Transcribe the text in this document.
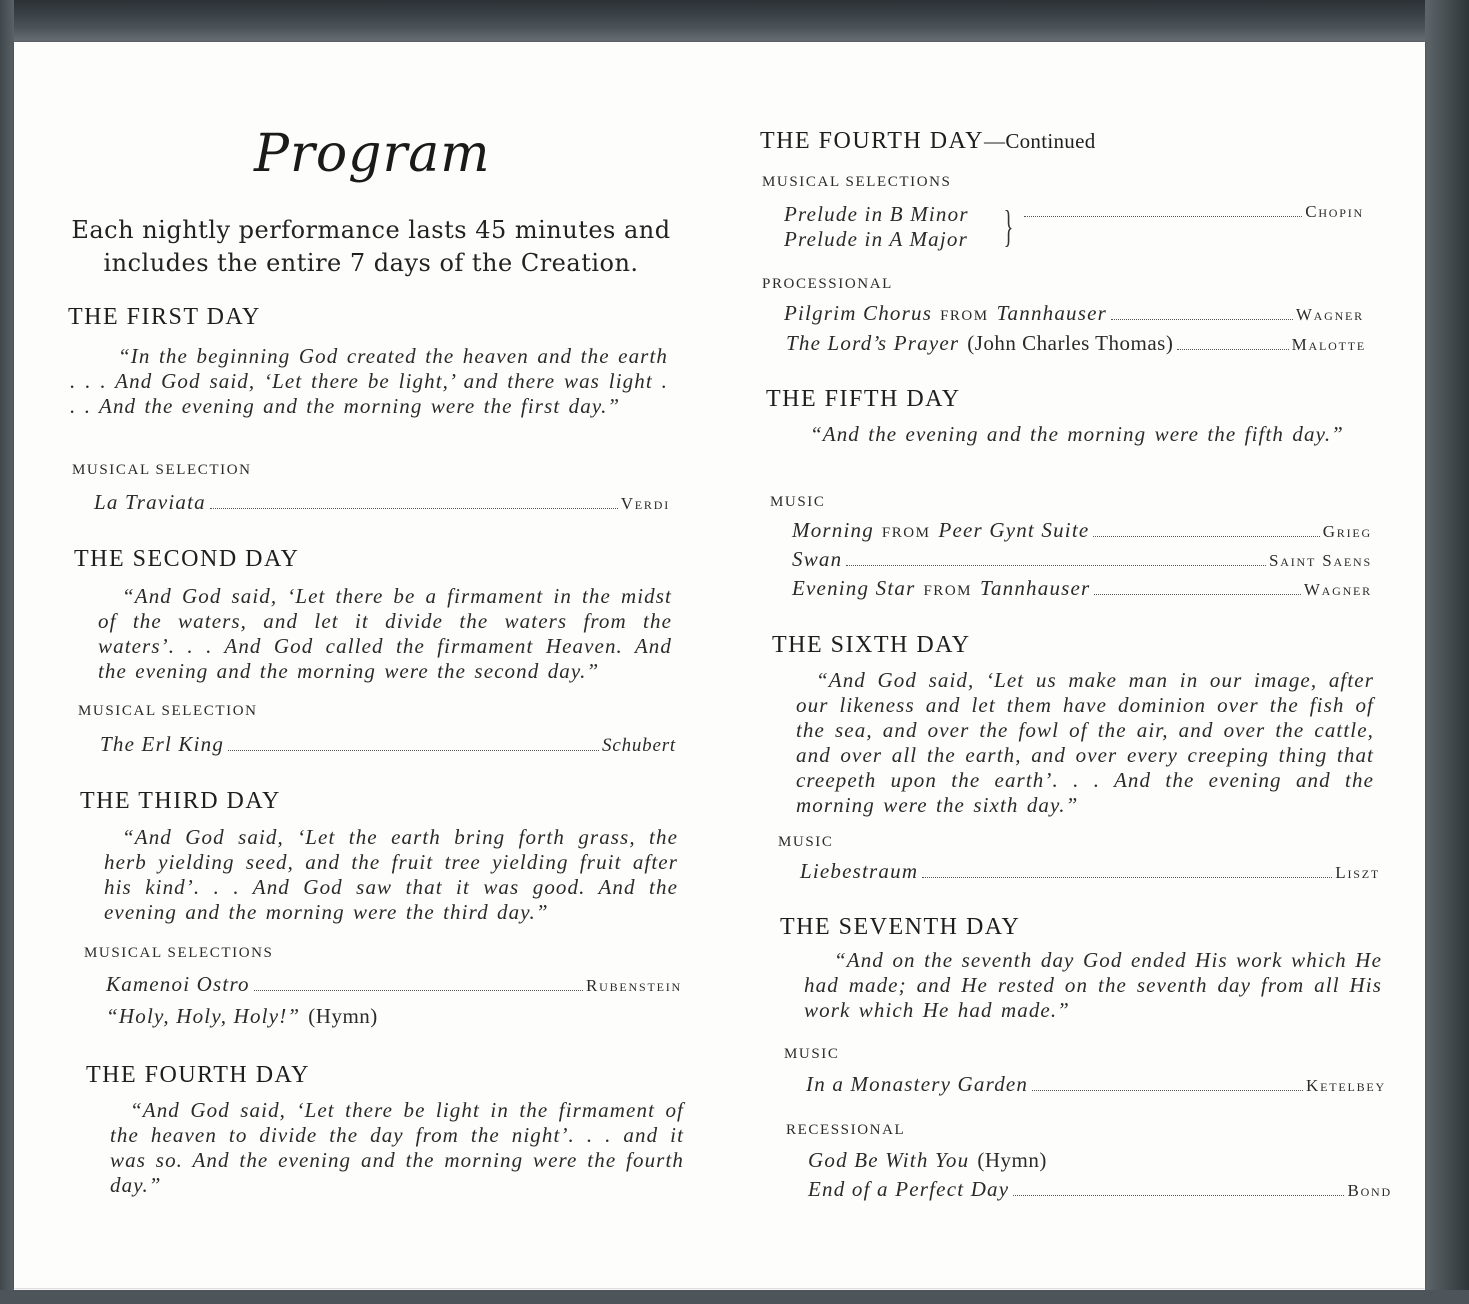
Program

Each nightly performance lasts 45 minutes and includes the entire 7 days of the Creation.

THE FIRST DAY

“In the beginning God created the heaven and the earth . . . And God said, ‘Let there be light,’ and there was light . . . And the evening and the morning were the first day.”

MUSICAL SELECTION

La Traviata	Verdi
THE SECOND DAY

“And God said, ‘Let there be a firmament in the midst of the waters, and let it divide the waters from the waters’. . . And God called the firmament Heaven. And the evening and the morning were the second day.”

MUSICAL SELECTION

The Erl King	Schubert
THE THIRD DAY

“And God said, ‘Let the earth bring forth grass, the herb yielding seed, and the fruit tree yielding fruit after his kind’. . . And God saw that it was good. And the evening and the morning were the third day.”

MUSICAL SELECTIONS

Kamenoi Ostro	Rubenstein
“Holy, Holy, Holy!” (Hymn)
THE FOURTH DAY

“And God said, ‘Let there be light in the firmament of the heaven to divide the day from the night’. . . and it was so. And the evening and the morning were the fourth day.”

THE FOURTH DAY—Continued

MUSICAL SELECTIONS

Prelude in B Minor
Prelude in A Major }	Chopin

PROCESSIONAL

Pilgrim Chorus FROM Tannhauser	Wagner
The Lord’s Prayer (John Charles Thomas)	Malotte
THE FIFTH DAY

“And the evening and the morning were the fifth day.”

MUSIC

Morning FROM Peer Gynt Suite	Grieg
Swan	Saint Saens
Evening Star FROM Tannhauser	Wagner
THE SIXTH DAY

“And God said, ‘Let us make man in our image, after our likeness and let them have dominion over the fish of the sea, and over the fowl of the air, and over the cattle, and over all the earth, and over every creeping thing that creepeth upon the earth’. . . And the evening and the morning were the sixth day.”

MUSIC

Liebestraum	Liszt
THE SEVENTH DAY

“And on the seventh day God ended His work which He had made; and He rested on the seventh day from all His work which He had made.”

MUSIC

In a Monastery Garden	Ketelbey

RECESSIONAL

God Be With You (Hymn)
End of a Perfect Day	Bond
